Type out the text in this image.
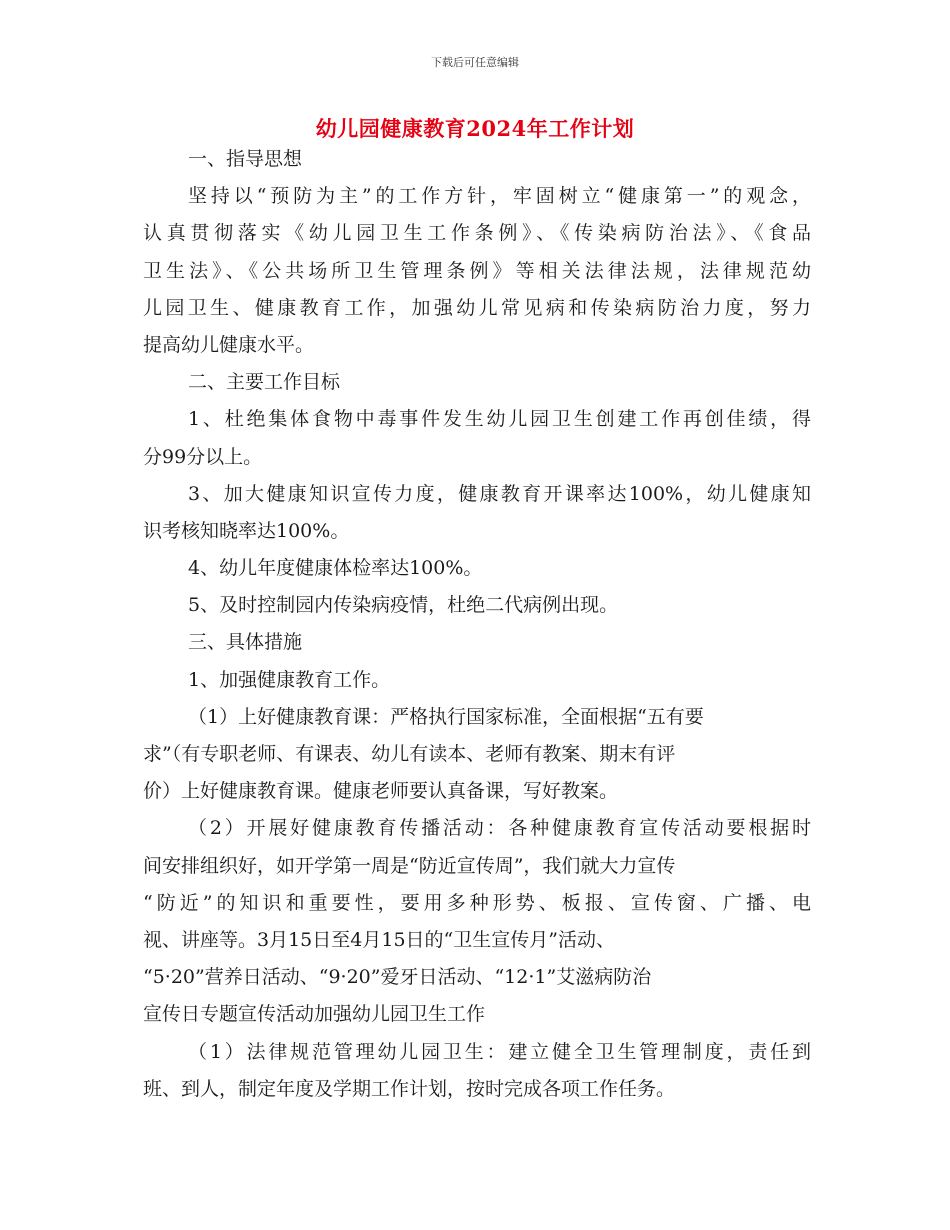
下载后可任意编辑
幼儿园健康教育2024年工作计划
一、指导思想
坚持以“预防为主”的工作方针，牢固树立“健康第一”的观念，
认真贯彻落实《幼儿园卫生工作条例》、《传染病防治法》、《食品
卫生法》、《公共场所卫生管理条例》等相关法律法规，法律规范幼
儿园卫生、健康教育工作，加强幼儿常见病和传染病防治力度，努力
提高幼儿健康水平。
二、主要工作目标
1、杜绝集体食物中毒事件发生幼儿园卫生创建工作再创佳绩，得
分99分以上。
3、加大健康知识宣传力度，健康教育开课率达100%，幼儿健康知
识考核知晓率达100%。
4、幼儿年度健康体检率达100%。
5、及时控制园内传染病疫情，杜绝二代病例出现。
三、具体措施
1、加强健康教育工作。
（1）上好健康教育课：严格执行国家标准，全面根据“五有要
求”（有专职老师、有课表、幼儿有读本、老师有教案、期末有评
价）上好健康教育课。健康老师要认真备课，写好教案。
（2）开展好健康教育传播活动：各种健康教育宣传活动要根据时
间安排组织好，如开学第一周是“防近宣传周”，我们就大力宣传
“防近”的知识和重要性，要用多种形势、板报、宣传窗、广播、电
视、讲座等。3月15日至4月15日的“卫生宣传月”活动、
“5·20”营养日活动、“9·20”爱牙日活动、“12·1”艾滋病防治
宣传日专题宣传活动加强幼儿园卫生工作
（1）法律规范管理幼儿园卫生：建立健全卫生管理制度，责任到
班、到人，制定年度及学期工作计划，按时完成各项工作任务。
